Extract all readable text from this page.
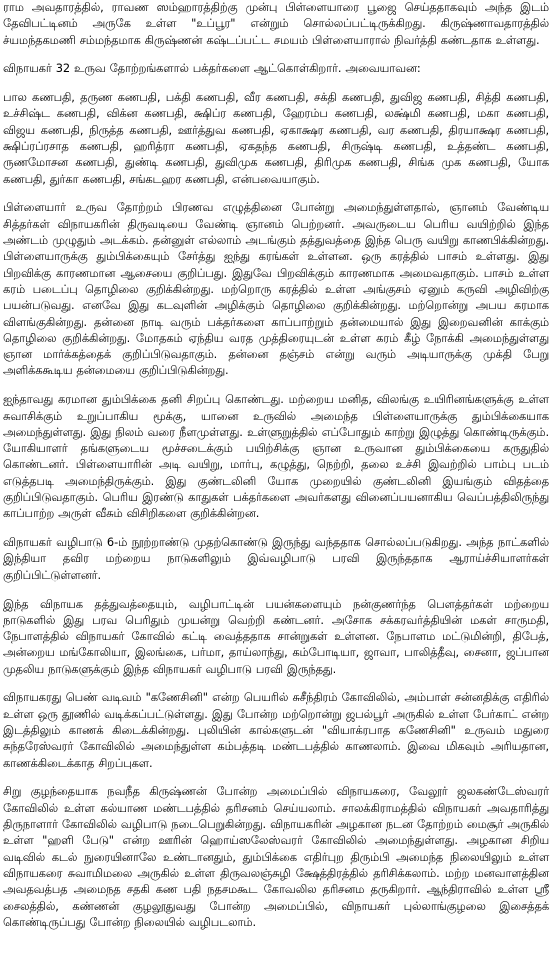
ராம அவதாரத்தில், ராவண ஸம்ஹாரத்திற்கு முன்பு பிள்ளையாரை பூஜை செய்ததாகவும் அந்த இடம் தேவிபட்டினம் அருகே உள்ள "உப்பூர" என்றும் சொல்லப்பட்டிருக்கிறது. கிருஷ்ணாவதாரத்தில் ச்யமந்தகமணி சம்மந்தமாக கிருஷ்ணன் கஷ்டப்பட்ட சமயம் பிள்ளையாரால் நிவர்த்தி கண்டதாக உள்ளது.

விநாயகர் 32 உருவ தோற்றங்களால் பக்தர்களை ஆட்கொள்கிறார். அவையாவன:

பால கணபதி, தருண கணபதி, பக்தி கணபதி, வீர கணபதி, சக்தி கணபதி, துவிஜ கணபதி, சித்தி கணபதி, உச்சிஷ்ட கணபதி, விக்ன கணபதி, க்ஷிப்ர கணபதி, ஹேரம்ப கணபதி, லக்ஷ்மி கணபதி, மகா கணபதி, விஜய கணபதி, நிருத்த கணபதி, ஊர்த்துவ கணபதி, ஏகாக்ஷர கணபதி, வர கணபதி, திரயாக்ஷர கணபதி, க்ஷிப்ரப்ரசாத கணபதி, ஹரித்ரா கணபதி, ஏகதந்த கணபதி, சிருஷ்டி கணபதி, உத்தண்ட கணபதி, ருணமோசன கணபதி, துண்டி கணபதி, துவிமுக கணபதி, திரிமுக கணபதி, சிங்க முக கணபதி, யோக கணபதி, துர்கா கணபதி, சங்கடஹர கணபதி, என்பவையாகும்.

பிள்ளையார் உருவ தோற்றம் பிரணவ எழுத்தினை போன்று அமைந்துள்ளதால், ஞானம் வேண்டிய சித்தர்கள் விநாயகரின் திருவடியை வேண்டி ஞானம் பெற்றனர். அவருடைய பெரிய வயிற்றில் இந்த அண்டம் முழுதும் அடக்கம். தன்னுள் எல்லாம் அடங்கும் தத்துவத்தை இந்த பெரு வயிறு காணபிக்கின்றது. பிள்ளையாருக்கு தும்பிக்கையும் சேர்த்து ஐந்து கரங்கள் உள்ளன. ஒரு கரத்தில் பாசம் உள்ளது. இது பிறவிக்கு காரணமான ஆசையை குறிப்பது. இதுவே பிறவிக்கும் காரணமாக அமைவதாகும். பாசம் உள்ள கரம் படைப்பு தொழிலை குறிக்கின்றது. மற்றொரு கரத்தில் உள்ள அங்குசம் ஏனும் கருவி அழிவிற்கு பயன்படுவது. எனவே இது கடவுளின் அழிக்கும் தொழிலை குறிக்கின்றது. மற்றொன்று அபய கரமாக விளங்குகின்றது. தன்னை நாடி வரும் பக்தர்களை காப்பாற்றும் தன்மையால் இது இறைவனின் காக்கும் தொழிலை குறிக்கின்றது. மோதகம் ஏந்திய வரத முத்திரையுடன் உள்ள கரம் கீழ் நோக்கி அமைந்துள்ளது ஞான மார்க்கத்தைக் குறிப்பிடுவதாகும். தன்னை தஞ்சம் என்று வரும் அடியாருக்கு முக்தி பேறு அளிக்ககூடிய தன்மையை குறிப்பிடுகின்றது.

ஐந்தாவது கரமான தும்பிக்கை தனி சிறப்பு கொண்டது. மற்றைய மனித, விலங்கு உயிரினங்களுக்கு உள்ள சுவாசிக்கும் உறுப்பாகிய மூக்கு, யானை உருவில் அமைந்த பிள்ளையாருக்கு தும்பிக்கையாக அமைந்துள்ளது. இது நிலம் வரை நீளமுள்ளது. உள்ளுறுத்தில் எப்போதும் காற்று இழுத்து கொண்டிருக்கும். யோகியாளர் தங்களுடைய மூச்சடைக்கும் பயிற்சிக்கு ஞான உருவான தும்பிக்கையை கருதுதில் கொண்டனர். பிள்ளையாரின் அடி வயிறு, மார்பு, கழுத்து, நெற்றி, தலை உச்சி இவற்றில் பாம்பு படம் எடுத்தபடி அமைந்திருக்கும். இது குண்டலினி யோக முறையில் குண்டலினி இயங்கும் விதத்தை குறிப்பிடுவதாகும். பெரிய இரண்டு காதுகள் பக்தர்களை அவர்களது வினைப்பயனாகிய வெப்பத்திலிருந்து காப்பாற்ற அருள் வீசும் விசிறிகளை குறிக்கின்றன.

விநாயகர் வழிபாடு 6-ம் நூற்றாண்டு முதற்கொண்டு இருந்து வந்ததாக சொல்லப்படுகிறது. அந்த நாட்களில் இந்தியா தவிர மற்றைய நாடுகளிலும் இவ்வழிபாடு பரவி இருந்ததாக ஆராய்ச்சியாளர்கள் குறிப்பிட்டுள்ளனர்.

இந்த விநாயக தத்துவத்தையும், வழிபாட்டின் பயன்களையும் நன்குணர்ந்த பௌத்தர்கள் மற்றைய நாடுகளில் இது பரவ பெரிதும் முயன்று வெற்றி கண்டனர். அசோக சக்கரவர்த்தியின் மகள் சாருமதி, நேபாளத்தில் விநாயகர் கோவில் கட்டி வைத்ததாக சான்றுகள் உள்ளன. நேபாளம மட்டுமின்றி, திபேத், அன்றைய மங்கோலியா, இலங்கை, பர்மா, தாய்லாந்து, கம்போடியா, ஜாவா, பாலித்தீவு, சைனா, ஜப்பான முதலிய நாடுகளுக்கும் இந்த விநாயகர் வழிபாடு பரவி இருந்தது.

விநாயகரது பெண் வடிவம் "கணேசினி" என்ற பெயரில் சுசீந்திரம் கோவிலில், அம்பாள் சன்னதிக்கு எதிரில் உள்ள ஒரு தூணில் வடிக்கப்பட்டுள்ளது. இது போன்ற மற்றொன்று ஜபல்பூர் அருகில் உள்ள பேர்காட் என்ற இடத்திலும் காணக் கிடைக்கின்றது. புலியின் கால்களுடன் "வியாக்ரபாத கணேசினி" உருவம் மதுரை சுந்தரேஸ்வரர் கோவிலில் அமைந்துள்ள கம்பத்தடி மண்டபத்தில் காணலாம். இவை மிகவும் அரியதான, காணக்கிடைக்காத சிறப்புகள.

சிறு குழந்தையாக நவநீத கிருஷ்ணன் போன்ற அமைப்பில் விநாயகரை, வேலூர் ஜலகண்டேஸ்வரர் கோவிலில் உள்ள கல்யாண மண்டபத்தில் தரிசனம் செய்யலாம். சாலக்கிராமத்தில் விநாயகர் அவதாரித்து திருநாளார் கோவிலில் வழிபாடு நடைபெறுகின்றது. விநாயகரின் அழகான நடன தோற்றம் மைசூர் அருகில் உள்ள "ஹளி பேடு" என்ற ஊரின் ஹொய்ஸலேஸ்வரர் கோவிலில் அமைந்துள்ளது. அழகான சிறிய வடிவில் கடல் நுரையினாலே உண்டானதும், தும்பிக்கை எதிர்புற திரும்பி அமைந்த நிலையிலும் உள்ள விநாயகரை சுவாமிமலை அருகில் உள்ள திருவலஞ்சுழி க்ஷேத்திரத்தில் தரிசிக்கலாம். மற்ற மனவாளத்தின அவதவத்பத அமைநத சதகி கண பதி நதசமகூட கோவலில தரிசனம தருகிறார். ஆந்திராவில் உள்ள ஸ்ரீ சைலத்தில், கண்ணன் குழலூதுவது போன்ற அமைப்பில், விநாயகர் புல்லாங்குழலை இசைத்தக் கொண்டிருப்பது போன்ற நிலையில் வழிபடலாம்.
